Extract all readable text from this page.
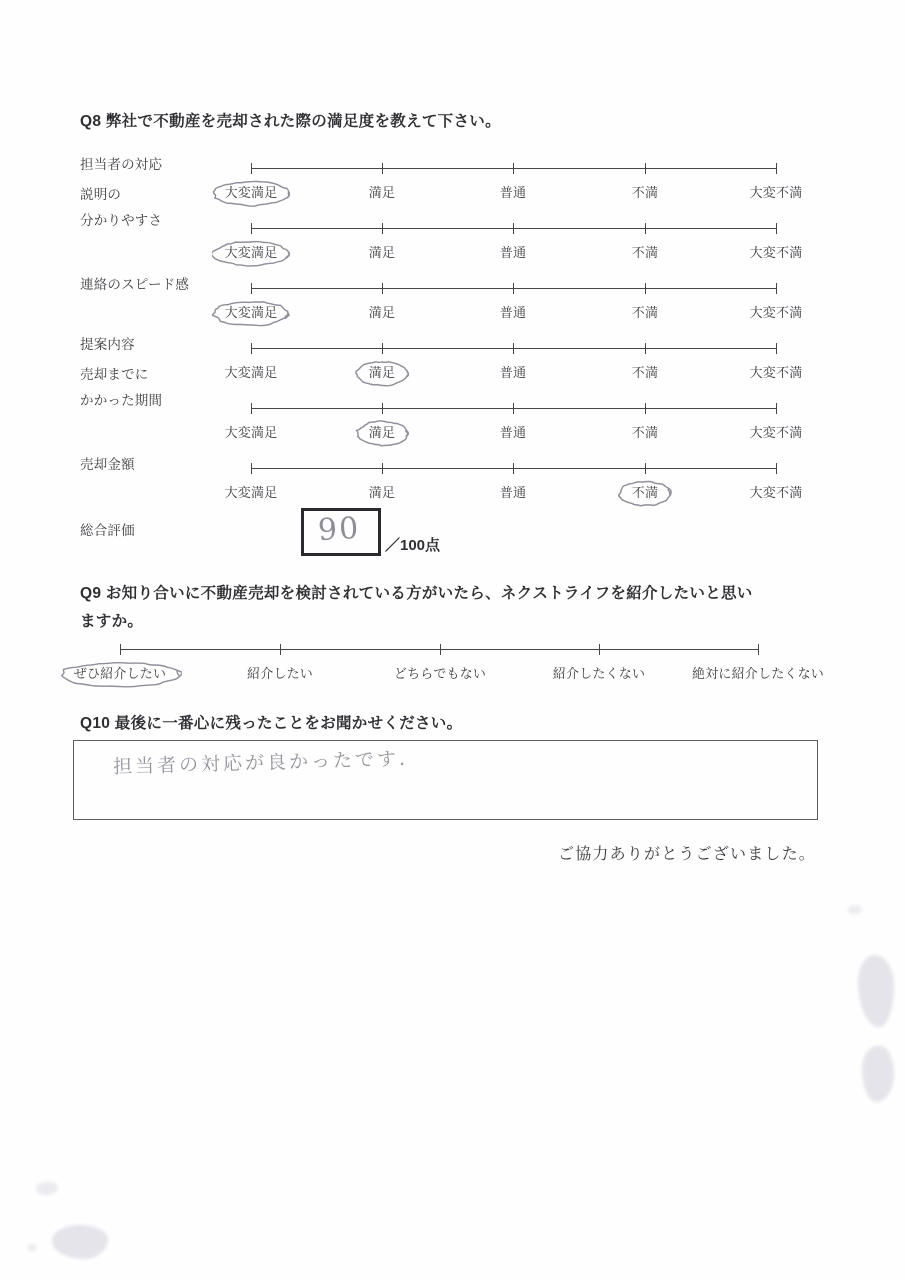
Q8 弊社で不動産を売却された際の満足度を教えて下さい。
担当者の対応
大変満足	満足	普通	不満	大変不満
説明の
分かりやすさ
大変満足	満足	普通	不満	大変不満
連絡のスピード感
大変満足	満足	普通	不満	大変不満
提案内容
大変満足	満足	普通	不満	大変不満
売却までに
かかった期間
大変満足	満足	普通	不満	大変不満
売却金額
大変満足	満足	普通	不満	大変不満
総合評価	90 ／100点
Q9 お知り合いに不動産売却を検討されている方がいたら、ネクストライフを紹介したいと思い
ますか。
ぜひ紹介したい	紹介したい	どちらでもない	紹介したくない	絶対に紹介したくない
Q10 最後に一番心に残ったことをお聞かせください。
担当者の対応が良かったです.
ご協力ありがとうございました。
